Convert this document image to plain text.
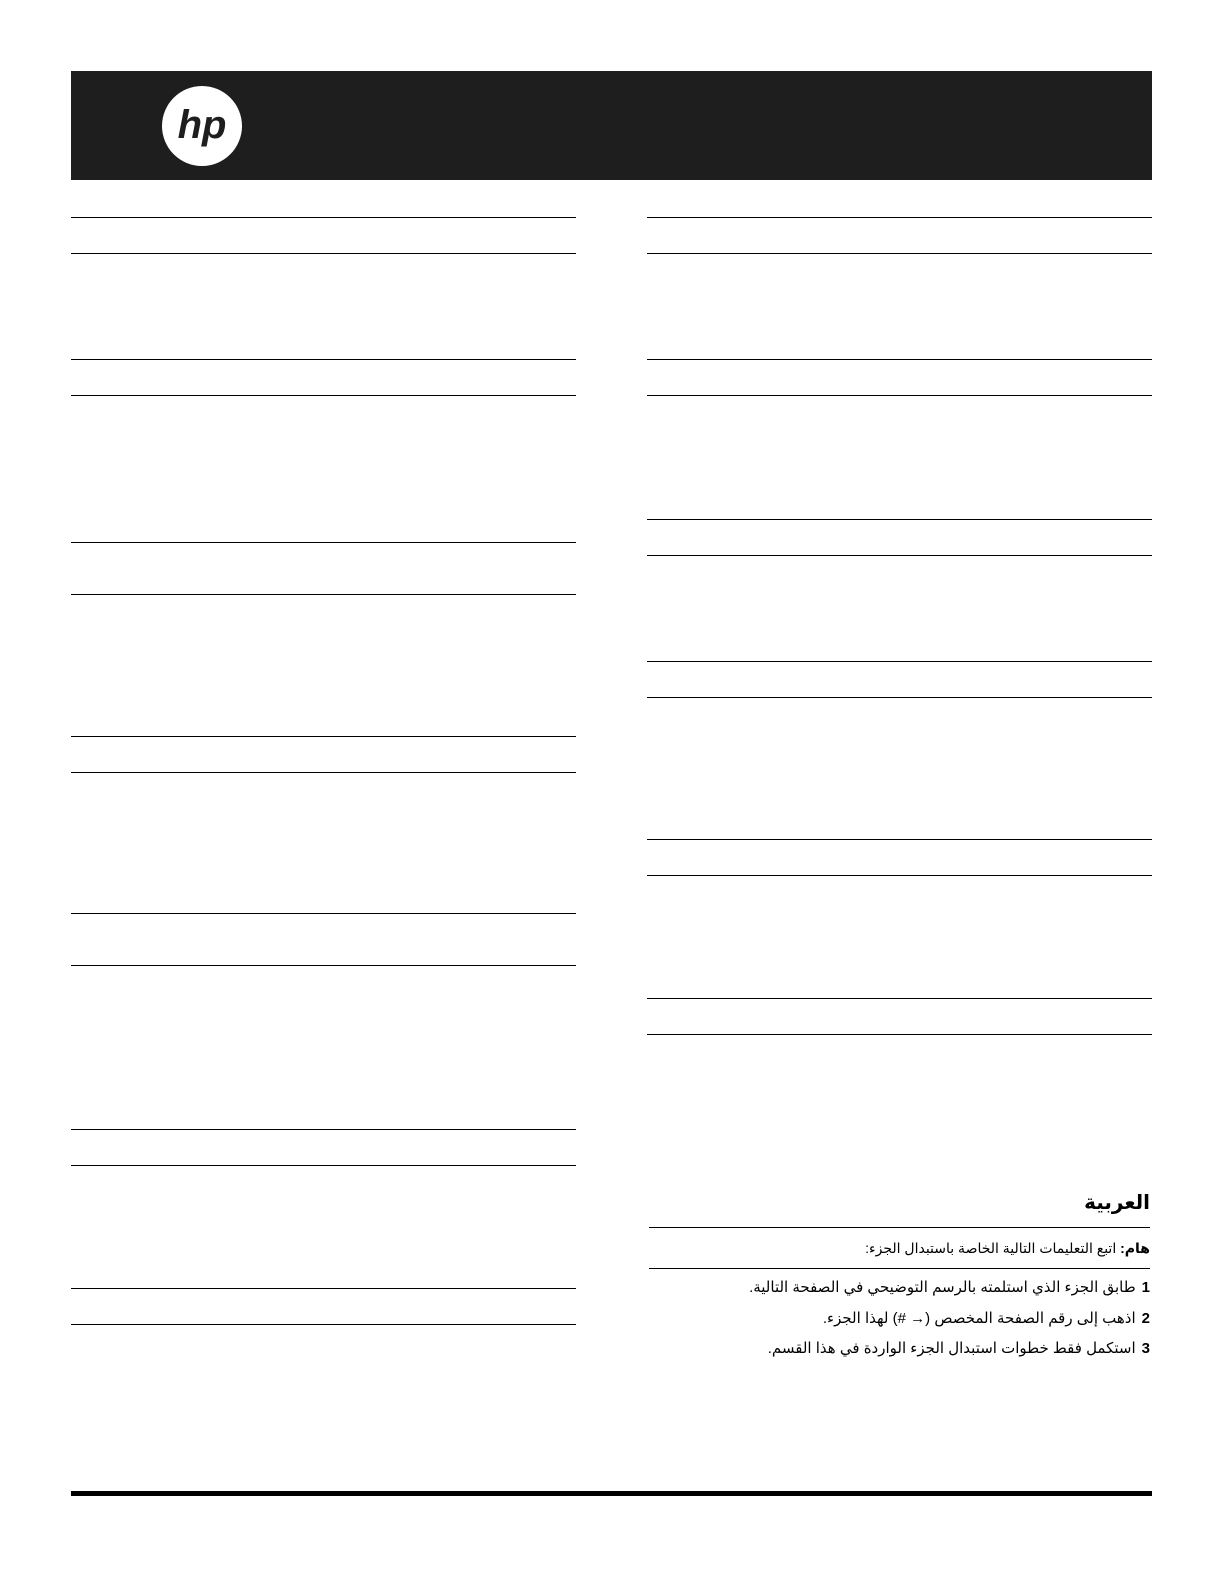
hp
العربية
هام: اتبع التعليمات التالية الخاصة باستبدال الجزء:
1طابق الجزء الذي استلمته بالرسم التوضيحي في الصفحة التالية.
2اذهب إلى رقم الصفحة المخصص (→ #) لهذا الجزء.
3استكمل فقط خطوات استبدال الجزء الواردة في هذا القسم.
